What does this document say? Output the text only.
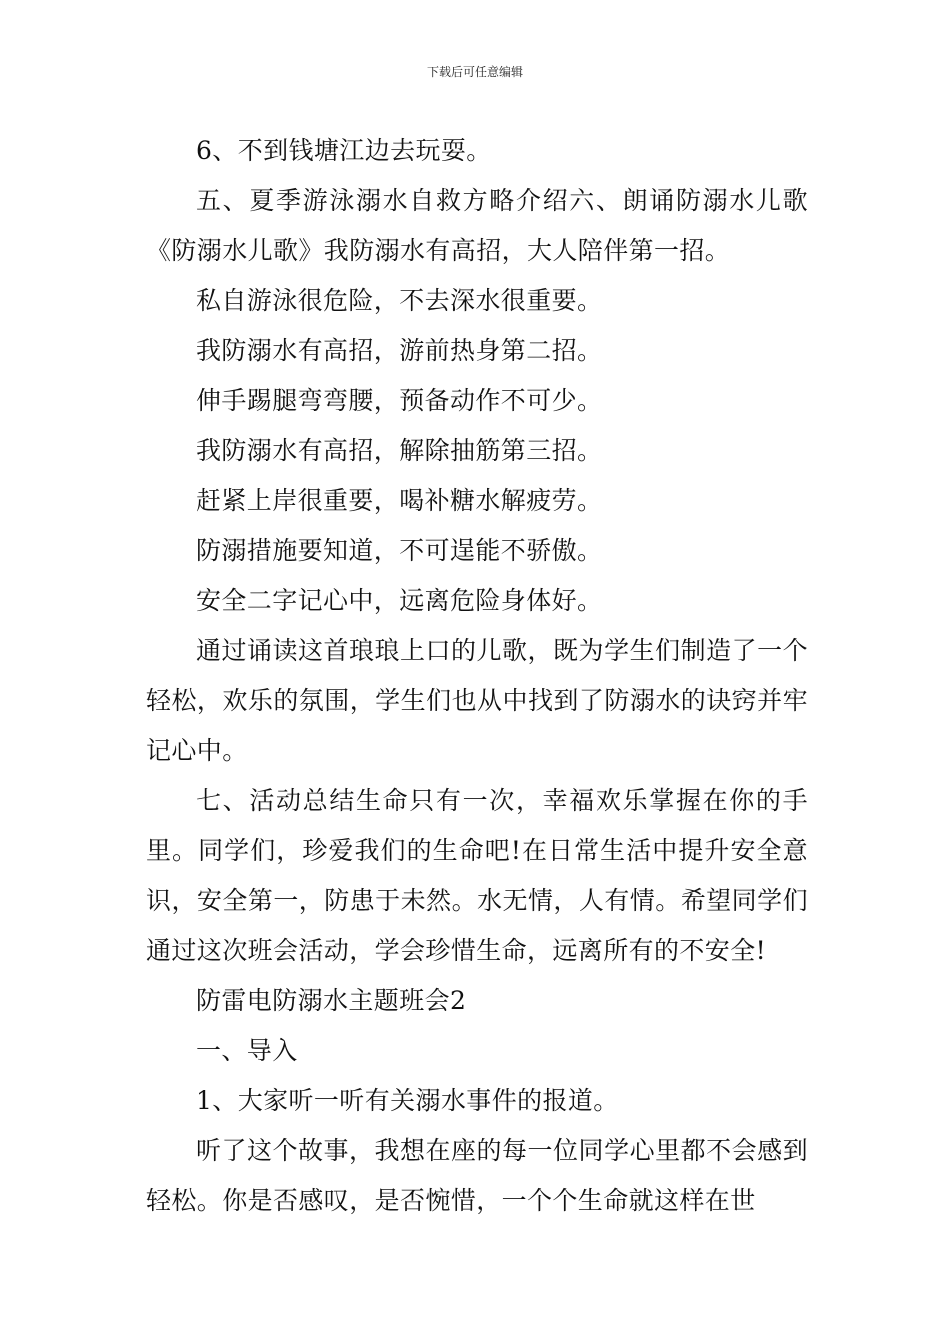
下载后可任意编辑

6、不到钱塘江边去玩耍。

五、夏季游泳溺水自救方略介绍六、朗诵防溺水儿歌《防溺水儿歌》我防溺水有高招，大人陪伴第一招。

私自游泳很危险，不去深水很重要。

我防溺水有高招，游前热身第二招。

伸手踢腿弯弯腰，预备动作不可少。

我防溺水有高招，解除抽筋第三招。

赶紧上岸很重要，喝补糖水解疲劳。

防溺措施要知道，不可逞能不骄傲。

安全二字记心中，远离危险身体好。

通过诵读这首琅琅上口的儿歌，既为学生们制造了一个轻松，欢乐的氛围，学生们也从中找到了防溺水的诀窍并牢记心中。

七、活动总结生命只有一次，幸福欢乐掌握在你的手里。同学们，珍爱我们的生命吧!在日常生活中提升安全意识，安全第一，防患于未然。水无情，人有情。希望同学们通过这次班会活动，学会珍惜生命，远离所有的不安全!

防雷电防溺水主题班会2

一、导入

1、大家听一听有关溺水事件的报道。

听了这个故事，我想在座的每一位同学心里都不会感到轻松。你是否感叹，是否惋惜，一个个生命就这样在世
